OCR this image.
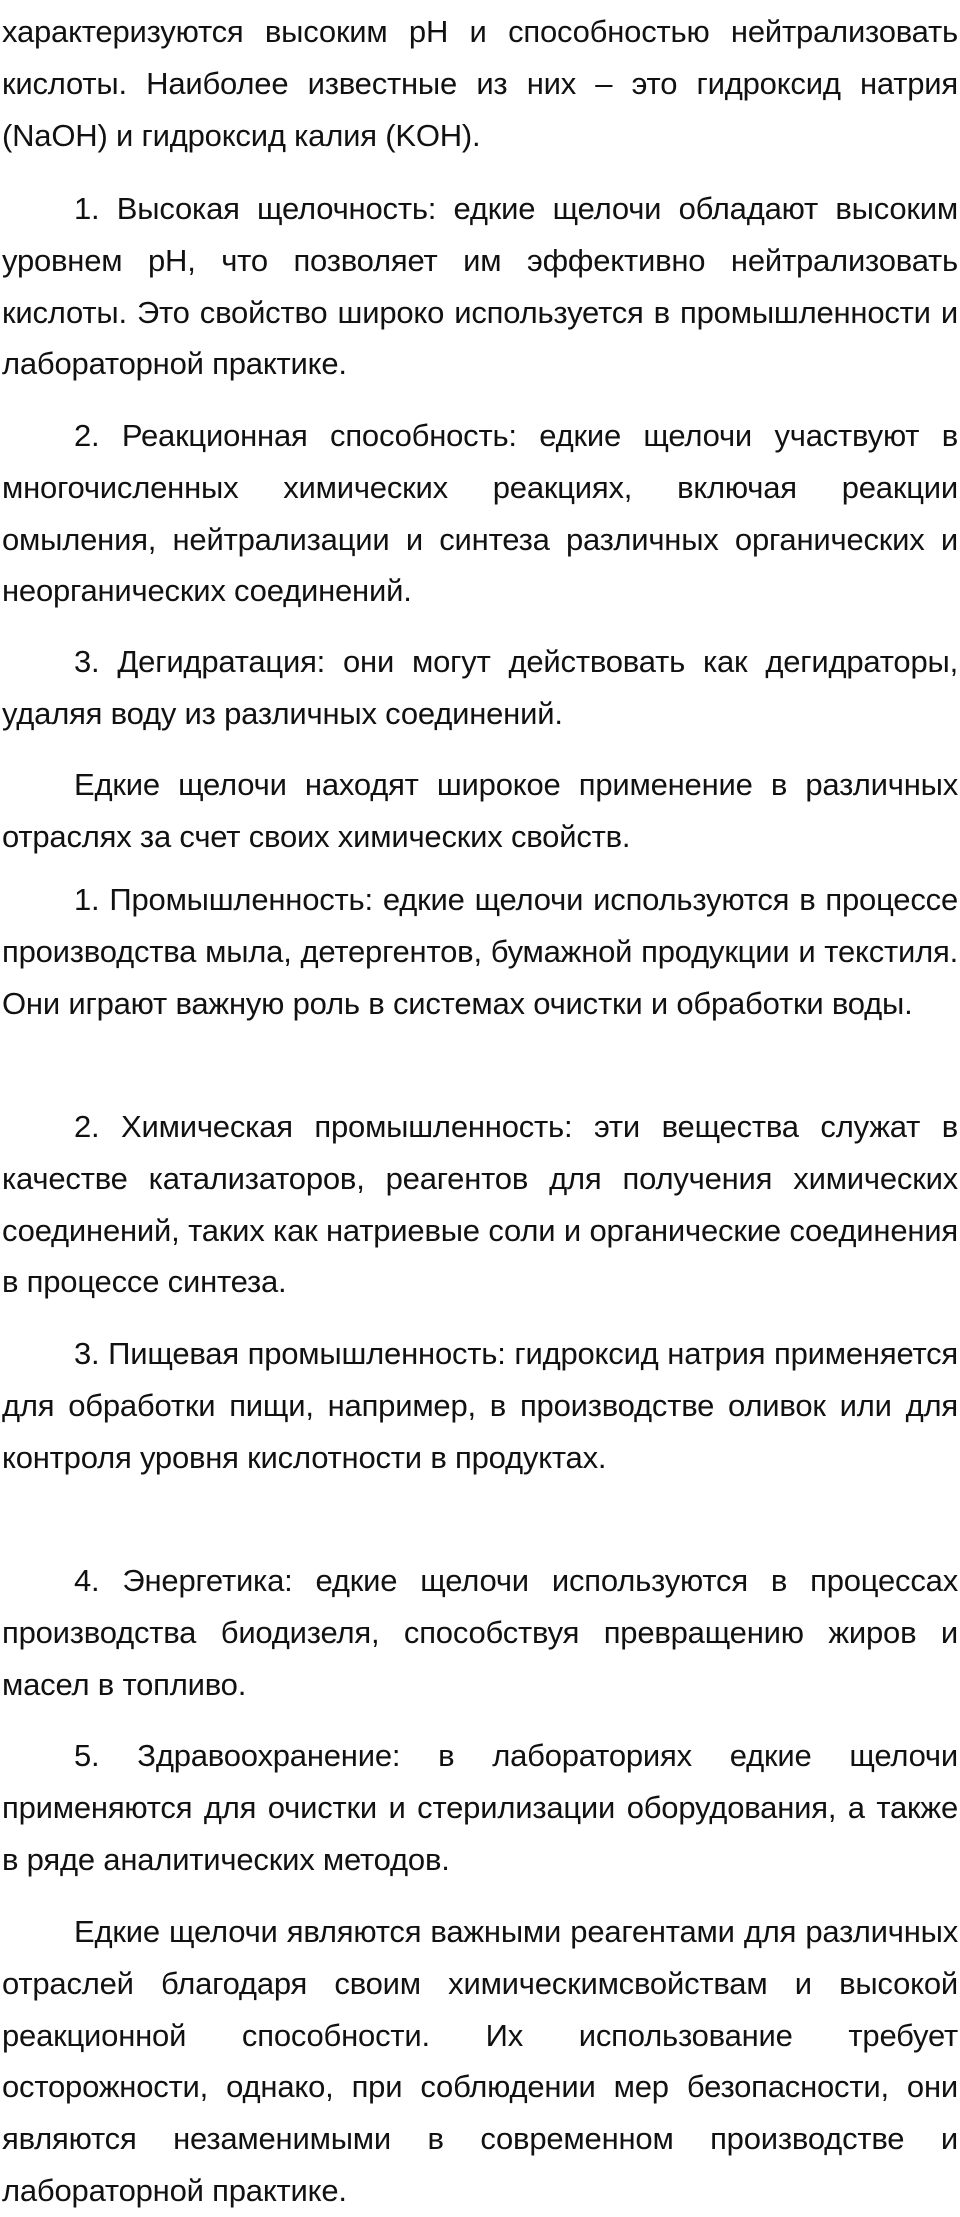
характеризуются высоким pH и способностью нейтрализовать кислоты. Наиболее известные из них – это гидроксид натрия (NaOH) и гидроксид калия (KOH).

1. Высокая щелочность: едкие щелочи обладают высоким уровнем pH, что позволяет им эффективно нейтрализовать кислоты. Это свойство широко используется в промышленности и лабораторной практике.

2. Реакционная способность: едкие щелочи участвуют в многочисленных химических реакциях, включая реакции омыления, нейтрализации и синтеза различных органических и неорганических соединений.

3. Дегидратация: они могут действовать как дегидраторы, удаляя воду из различных соединений.

Едкие щелочи находят широкое применение в различных отраслях за счет своих химических свойств.

1. Промышленность: едкие щелочи используются в процессе производства мыла, детергентов, бумажной продукции и текстиля. Они играют важную роль в системах очистки и обработки воды.

2. Химическая промышленность: эти вещества служат в качестве катализаторов, реагентов для получения химических соединений, таких как натриевые соли и органические соединения в процессе синтеза.

3. Пищевая промышленность: гидроксид натрия применяется для обработки пищи, например, в производстве оливок или для контроля уровня кислотности в продуктах.

4. Энергетика: едкие щелочи используются в процессах производства биодизеля, способствуя превращению жиров и масел в топливо.

5. Здравоохранение: в лабораториях едкие щелочи применяются для очистки и стерилизации оборудования, а также в ряде аналитических методов.

Едкие щелочи являются важными реагентами для различных отраслей благодаря своим химическимсвойствам и высокой реакционной способности. Их использование требует осторожности, однако, при соблюдении мер безопасности, они являются незаменимыми в современном производстве и лабораторной практике.
